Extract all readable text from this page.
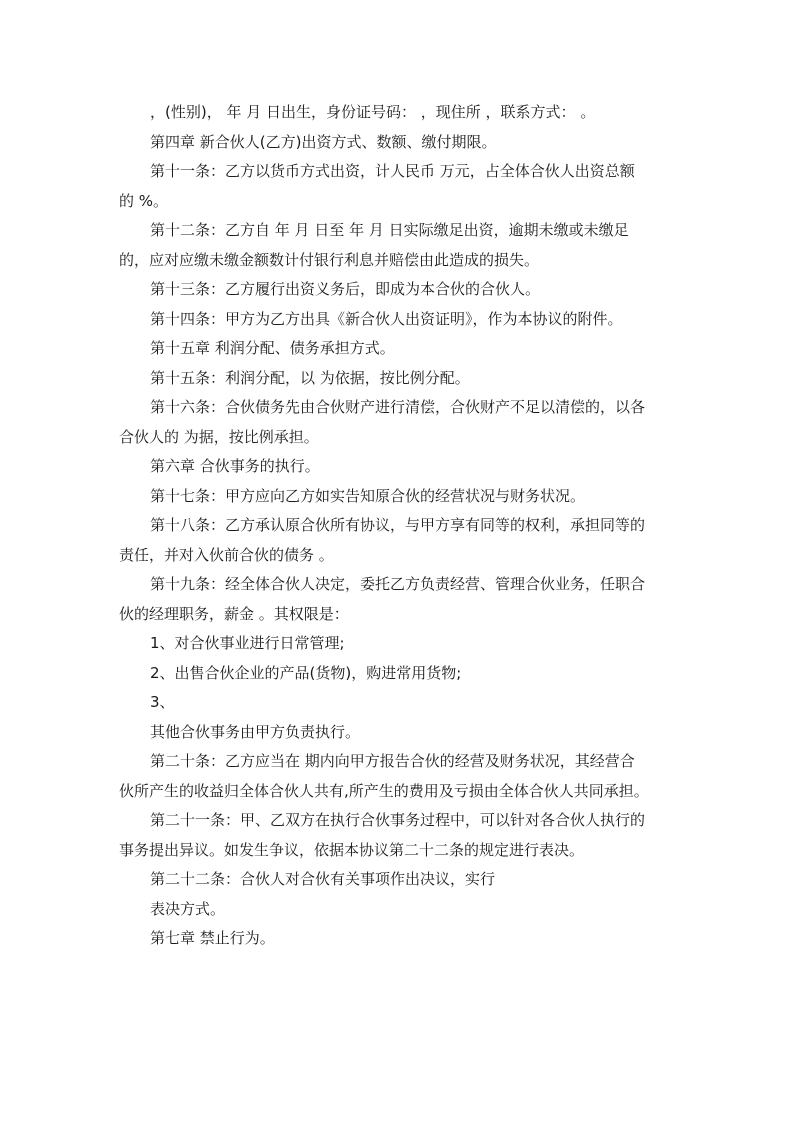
，(性别)， 年 月 日出生，身份证号码： ，现住所 ，联系方式： 。
第四章 新合伙人(乙方)出资方式、数额、缴付期限。
第十一条：乙方以货币方式出资，计人民币 万元，占全体合伙人出资总额
的 %。
第十二条：乙方自 年 月 日至 年 月 日实际缴足出资，逾期未缴或未缴足
的，应对应缴未缴金额数计付银行利息并赔偿由此造成的损失。
第十三条：乙方履行出资义务后，即成为本合伙的合伙人。
第十四条：甲方为乙方出具《新合伙人出资证明》，作为本协议的附件。
第十五章 利润分配、债务承担方式。
第十五条：利润分配，以 为依据，按比例分配。
第十六条：合伙债务先由合伙财产进行清偿，合伙财产不足以清偿的，以各
合伙人的 为据，按比例承担。
第六章 合伙事务的执行。
第十七条：甲方应向乙方如实告知原合伙的经营状况与财务状况。
第十八条：乙方承认原合伙所有协议，与甲方享有同等的权利，承担同等的
责任，并对入伙前合伙的债务 。
第十九条：经全体合伙人决定，委托乙方负责经营、管理合伙业务，任职合
伙的经理职务，薪金 。其权限是：
1、对合伙事业进行日常管理;
2、出售合伙企业的产品(货物)，购进常用货物;
3、
其他合伙事务由甲方负责执行。
第二十条：乙方应当在 期内向甲方报告合伙的经营及财务状况，其经营合
伙所产生的收益归全体合伙人共有,所产生的费用及亏损由全体合伙人共同承担。
第二十一条：甲、乙双方在执行合伙事务过程中，可以针对各合伙人执行的
事务提出异议。如发生争议，依据本协议第二十二条的规定进行表决。
第二十二条：合伙人对合伙有关事项作出决议，实行
表决方式。
第七章 禁止行为。
